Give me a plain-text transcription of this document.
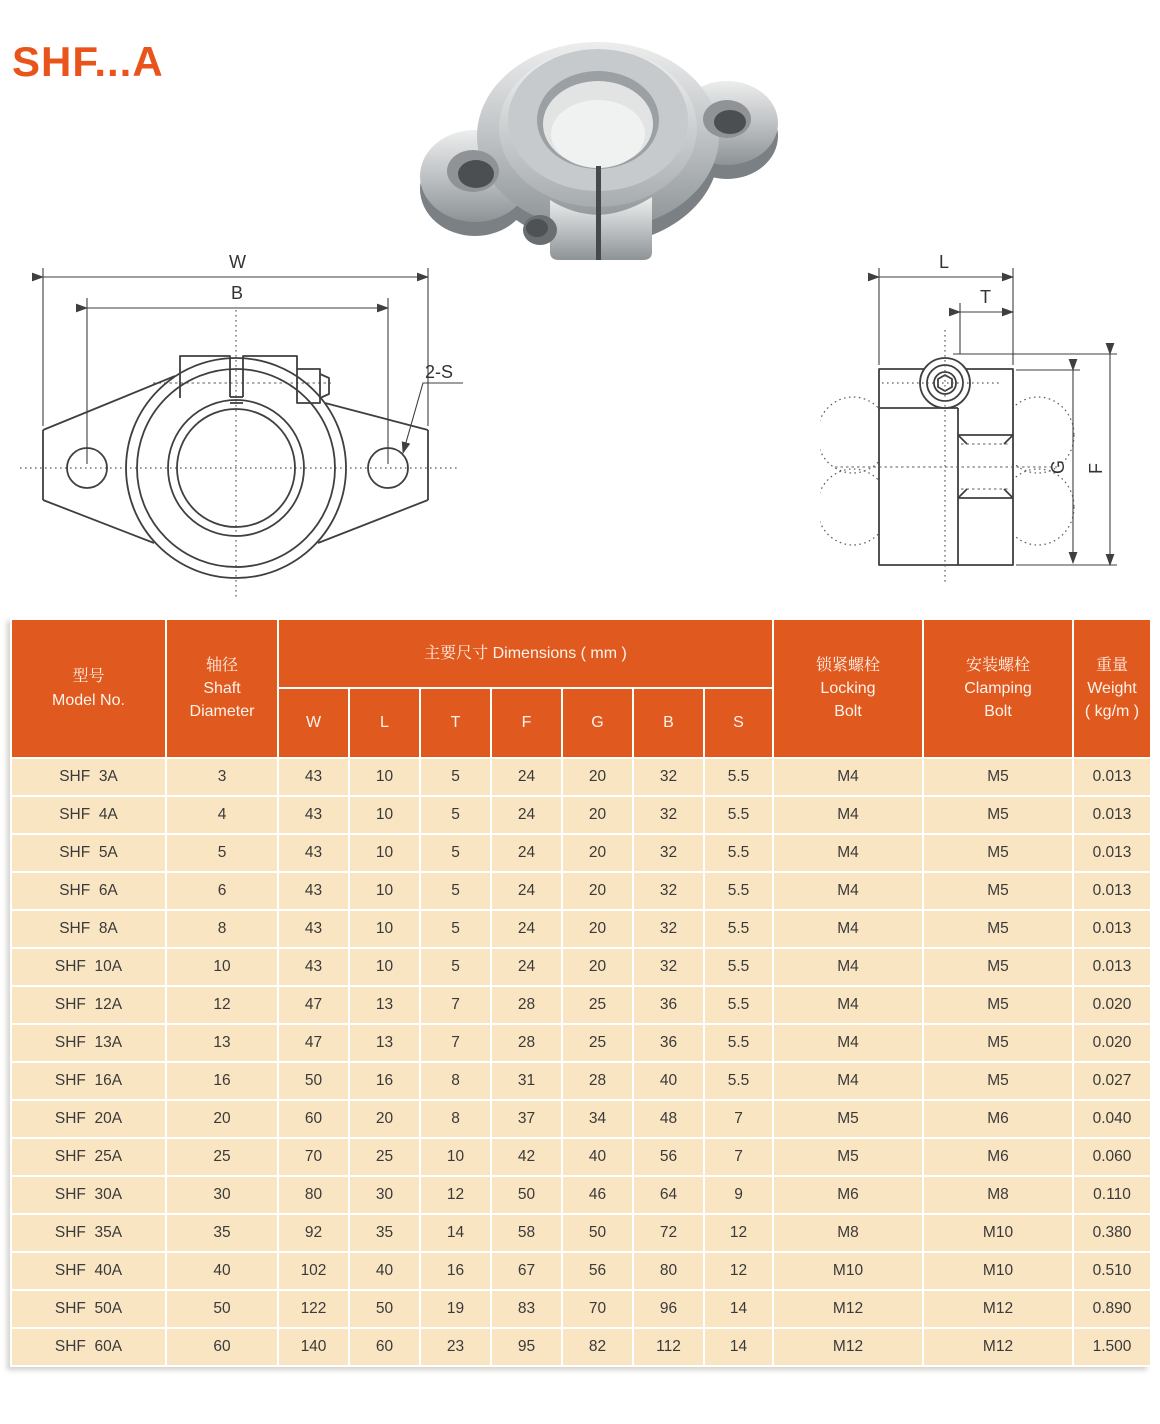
SHF...A
W
B
2-S
L
T
G F
型号
Model No.	轴径
Shaft
Diameter	主要尺寸 Dimensions ( mm )							锁紧螺栓
Locking
Bolt	安装螺栓
Clamping
Bolt	重量
Weight
( kg/m )

		W	L	T	F	G	B	S			
SHF  3A	3	43	10	5	24	20	32	5.5	M4	M5	0.013
SHF  4A	4	43	10	5	24	20	32	5.5	M4	M5	0.013
SHF  5A	5	43	10	5	24	20	32	5.5	M4	M5	0.013
SHF  6A	6	43	10	5	24	20	32	5.5	M4	M5	0.013
SHF  8A	8	43	10	5	24	20	32	5.5	M4	M5	0.013
SHF  10A	10	43	10	5	24	20	32	5.5	M4	M5	0.013
SHF  12A	12	47	13	7	28	25	36	5.5	M4	M5	0.020
SHF  13A	13	47	13	7	28	25	36	5.5	M4	M5	0.020
SHF  16A	16	50	16	8	31	28	40	5.5	M4	M5	0.027
SHF  20A	20	60	20	8	37	34	48	7	M5	M6	0.040
SHF  25A	25	70	25	10	42	40	56	7	M5	M6	0.060
SHF  30A	30	80	30	12	50	46	64	9	M6	M8	0.110
SHF  35A	35	92	35	14	58	50	72	12	M8	M10	0.380
SHF  40A	40	102	40	16	67	56	80	12	M10	M10	0.510
SHF  50A	50	122	50	19	83	70	96	14	M12	M12	0.890
SHF  60A	60	140	60	23	95	82	112	14	M12	M12	1.500
